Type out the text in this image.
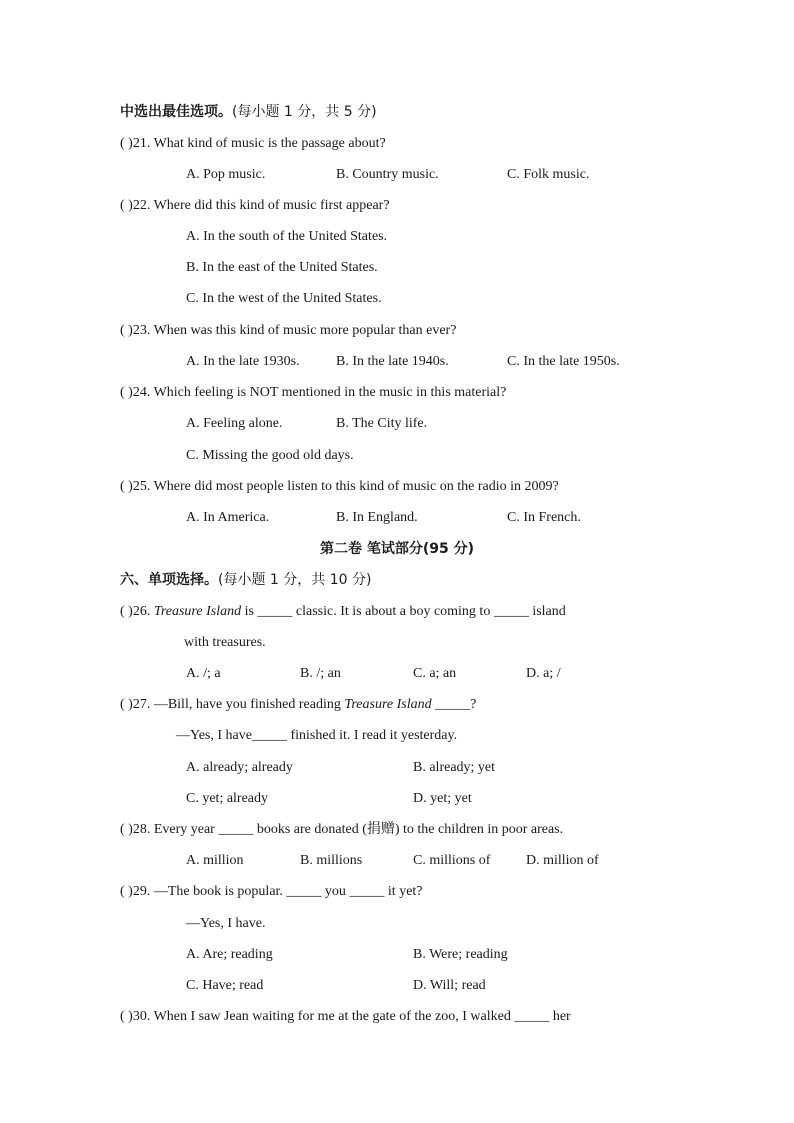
中选出最佳选项。(每小题 1 分，共 5 分)
( )21. What kind of music is the passage about?
A. Pop music.	B. Country music.	C. Folk music.
( )22. Where did this kind of music first appear?
A. In the south of the United States.
B. In the east of the United States.
C. In the west of the United States.
( )23. When was this kind of music more popular than ever?
A. In the late 1930s.	B. In the late 1940s.	C. In the late 1950s.
( )24. Which feeling is NOT mentioned in the music in this material?
A. Feeling alone.	B. The City life.
C. Missing the good old days.
( )25. Where did most people listen to this kind of music on the radio in 2009?
A. In America.	B. In England.	C. In French.
第二卷 笔试部分(95 分)
六、单项选择。(每小题 1 分，共 10 分)
( )26. Treasure Island is _____ classic. It is about a boy coming to _____ island
with treasures.
A. /; a	B. /; an	C. a; an	D. a; /
( )27. —Bill, have you finished reading Treasure Island _____?
—Yes, I have_____ finished it. I read it yesterday.
A. already; already	B. already; yet
C. yet; already	D. yet; yet
( )28. Every year _____ books are donated (捐赠) to the children in poor areas.
A. million	B. millions	C. millions of	D. million of
( )29. —The book is popular. _____ you _____ it yet?
—Yes, I have.
A. Are; reading	B. Were; reading
C. Have; read	D. Will; read
( )30. When I saw Jean waiting for me at the gate of the zoo, I walked _____ her
